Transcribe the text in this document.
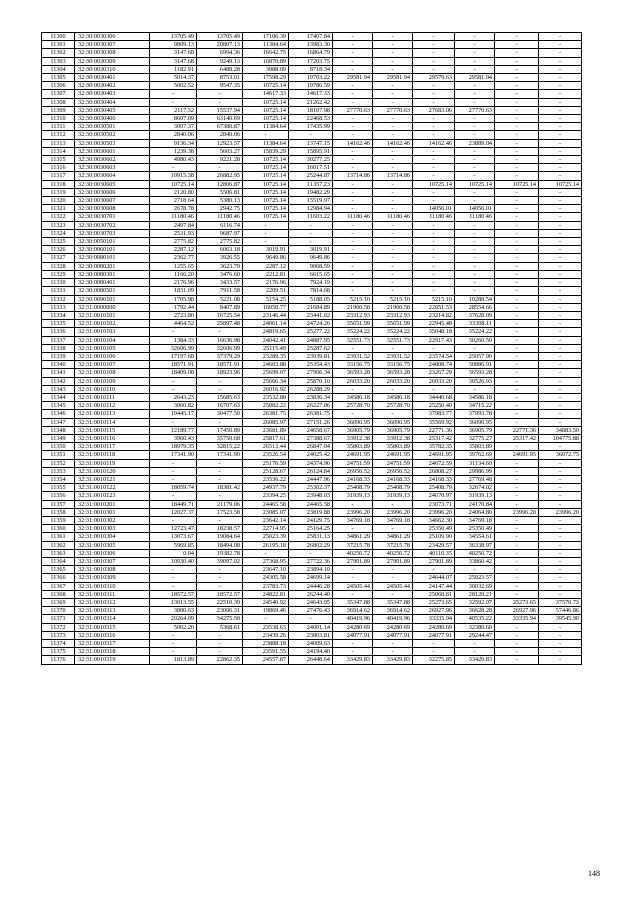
11300	32:30:0030306	13705.49	13705.49	17106.39	17407.84	-	-	-	-	-	-
11301	32:30:0030307	9809.13	20807.13	11384.64	13983.30	-	-	-	-	-	-
11302	32:30:0030308	3147.68	6994.36	16642.75	16864.79	-	-	-	-	-	-
11303	32:30:0030309	3147.68	9249.13	16870.89	17203.75	-	-	-	-	-	-
11304	32:30:0030310	1182.91	6488.28	3088.09	8718.34	-	-	-	-	-	-
11305	32:30:0030401	5014.37	8753.01	17598.29	19703.22	29581.94	29581.94	29579.63	29581.94	-	-
11306	32:30:0030402	5002.52	9547.35	10725.14	19786.59	-	-	-	-	-	-
11307	32:30:0030403	-	-	14617.33	14617.33	-	-	-	-	-	-
11308	32:30:0030404	-	-	10725.14	21262.42	-	-	-	-	-	-
11309	32:30:0030405	2117.32	15537.94	10725.14	18107.98	27770.63	27770.63	27683.06	27770.63	-	-
11310	32:30:0030406	8607.09	63140.69	10725.14	22468.53	-	-	-	-	-	-
11311	32:30:0030501	3007.37	67380.87	11384.64	17435.99	-	-	-	-	-	-
11312	32:30:0030502	2840.06	2840.06	-	-	-	-	-	-	-	-
11313	32:30:0030503	9136.34	12923.57	11384.64	13747.15	14162.46	14162.46	14162.46	23889.04	-	-
11314	32:30:0030601	1239.38	5603.27	15839.29	15895.91	-	-	-	-	-	-
11315	32:30:0030602	4980.43	9221.28	10725.14	30277.25	-	-	-	-	-	-
11316	32:30:0030603	-	-	10725.14	16017.51	-	-	-	-	-	-
11317	32:30:0030604	10915.38	26882.95	10725.14	25244.87	13714.86	13714.86	-	-	-	-
11318	32:30:0030605	10725.14	12806.87	10725.14	11357.23	-	-	10725.14	10725.14	10725.14	10725.14
11319	32:30:0030606	2120.80	5506.81	10725.14	19482.29	-	-	-	-	-	-
11320	32:30:0030607	2718.64	5380.13	10725.14	15519.97	-	-	-	-	-	-
11321	32:30:0030608	2678.78	2942.75	10725.14	12984.94	-	-	14056.01	14056.01	-	-
11322	32:30:0030701	11180.46	11180.46	10725.14	11603.22	11180.46	11180.46	11180.46	11180.46	-	-
11323	32:30:0030702	2497.84	6116.74	-	-	-	-	-	-	-	-
11324	32:30:0030703	2531.93	9687.97	-	-	-	-	-	-	-	-
11325	32:30:0050101	2775.82	2775.82	-	-	-	-	-	-	-	-
11326	32:30:0060101	2287.12	6063.18	3019.91	3019.91	-	-	-	-	-	-
11327	32:30:0080101	2362.77	3926.55	9649.86	9649.86	-	-	-	-	-	-
11328	32:30:0080201	1255.65	3623.79	2287.12	9068.59	-	-	-	-	-	-
11329	32:30:0080301	1166.20	3476.60	2212.81	6615.65	-	-	-	-	-	-
11330	32:30:0080401	2176.96	3433.57	2176.96	7924.19	-	-	-	-	-	-
11331	32:30:0080501	1831.09	7911.58	2209.51	7814.68	-	-	-	-	-	-
11332	32:30:0090101	1705.98	5221.08	5154.25	5188.05	5215.10	5215.10	5215.10	10288.54	-	-
11333	32:31:0000000	1792.44	8407.89	16050.77	21684.89	21960.58	21960.58	22051.53	28554.66	-	-
11334	32:31:0010101	2723.80	16725.54	23146.44	23441.02	23312.93	23312.93	23214.82	37628.09	-	-
11335	32:31:0010102	4464.52	25897.48	24061.14	24724.26	35651.99	35651.99	22945.48	33308.11	-	-
11336	32:31:0010103	-	-	24819.65	25277.22	35224.22	35224.22	35048.18	35224.22	-	-
11337	32:31:0010104	1384.33	16636.98	24042.41	24887.95	32551.73	32551.73	22917.43	30260.50	-	-
11338	32:31:0010105	32606.99	32606.99	25115.49	25287.62	-	-	-	-	-	-
11339	32:31:0010106	17197.68	37379.29	23289.35	23939.81	23931.52	23931.52	23574.54	25057.90	-	-
11340	32:31:0010107	18571.91	18571.91	24603.88	25354.43	33156.75	33156.75	24808.74	30886.91	-	-
11341	32:31:0010108	18409.08	18923.96	25699.07	27966.34	36593.28	36593.28	23267.29	36593.28	-	-
11342	32:31:0010109	-	-	25666.34	25870.10	26033.20	26033.20	26033.20	30526.93	-	-
11343	32:31:0010110	-	-	26016.92	26288.29	-	-	-	-	-	-
11344	32:31:0010111	2643.23	15685.63	23532.88	23836.34	34586.18	34586.18	34440.68	34586.18	-	-
11345	32:31:0010112	3060.82	16707.63	25082.22	26227.86	25728.70	25728.70	25250.40	34715.22	-	-
11346	32:31:0010113	19445.17	30477.50	26381.75	26381.75	-	-	37983.77	37993.78	-	-
11347	32:31:0010114	-	-	26085.97	27151.26	36090.95	36090.95	35569.92	36090.95	-	-
11348	32:31:0010115	12189.77	17450.89	23681.89	24658.67	36905.79	36905.79	22771.36	36905.79	22771.36	34883.50
11349	32:31:0010116	3960.43	35750.68	25817.61	27388.67	33912.38	33912.38	25317.42	32775.27	25317.42	104775.88
11350	32:31:0010117	18979.35	32815.22	26513.44	26847.04	35803.89	35803.89	35782.35	35803.89	-	-
11351	32:31:0010118	17341.90	17341.90	23526.54	24025.42	24691.95	24691.95	24691.95	39762.69	24691.95	36072.75
11352	32:31:0010119	-	-	25176.59	24374.90	24751.59	24751.59	24672.59	31134.60	-	-
11353	32:31:0010120	-	-	25128.67	26124.84	26956.52	26956.52	26808.27	29986.99	-	-
11354	32:31:0010121	-	-	23536.22	24447.96	24168.33	24168.33	24168.33	27769.48	-	-
11355	32:31:0010122	18059.74	18381.42	24937.79	25302.37	25408.79	25408.79	25408.79	32674.02	-	-
11356	32:31:0010123	-	-	23394.25	23948.03	31939.13	31939.13	24670.97	31939.13	-	-
11357	32:31:0010201	18449.71	21179.06	24465.58	24465.58	-	-	23073.71	24170.84	-	-
11358	32:31:0010301	12027.37	17523.58	23085.07	23819.88	23996.20	23996.20	23996.20	24064.80	23996.20	23996.20
11359	32:31:0010302	-	-	23642.14	24129.75	34769.18	34769.18	34662.30	34769.18	-	-
11360	32:31:0010303	12723.47	18238.57	22714.95	25164.25	-	-	25350.49	25350.49	-	-
11361	32:31:0010304	13073.67	19084.64	25023.39	25831.13	34861.29	34861.29	25109.90	34554.61	-	-
11362	32:31:0010305	5969.85	18494.08	26195.18	26802.29	37215.78	37215.78	23429.57	36338.97	-	-
11363	32:31:0010306	0.04	19382.78	-	-	40250.72	40250.72	40110.35	40250.72	-	-
11364	32:31:0010307	10930.40	39097.02	27368.95	27722.36	27901.89	27901.89	27901.89	33860.42	-	-
11365	32:31:0010308	-	-	23647.10	23894.10	-	-	-	-	-	-
11366	32:31:0010309	-	-	24305.58	24699.14	-	-	24644.07	25023.57	-	-
11367	32:31:0010310	-	-	23783.73	24446.28	24505.44	24505.44	24147.44	30032.69	-	-
11368	32:31:0010311	18572.57	18572.57	24822.81	26244.40	-	-	25068.81	28120.21	-	-
11369	32:31:0010312	13013.55	22510.39	24540.92	24643.95	35347.88	35347.88	25273.65	32592.07	25273.65	37570.73
11370	32:31:0010313	3800.63	23006.31	19869.46	27476.43	36914.62	36914.62	26927.96	36628.28	26927.96	57446.86
11371	32:31:0010314	20264.09	34275.50	-	-	40419.96	40419.96	33335.94	40535.22	33335.94	39545.90
11372	32:31:0010315	5002.20	5368.61	23538.63	24001.14	24280.69	24280.69	24280.69	32380.60	-	-
11373	32:31:0010316	-	-	23439.26	23803.81	24077.91	24077.91	24077.91	29244.47	-	-
11374	32:31:0010317	-	-	23888.18	24009.63	-	-	-	-	-	-
11375	32:31:0010318	-	-	23591.55	24194.40	-	-	-	-	-	-
11376	32:31:0010319	1813.89	22862.35	24557.87	26448.64	33429.83	33429.83	32275.85	33429.83	-	-
148
